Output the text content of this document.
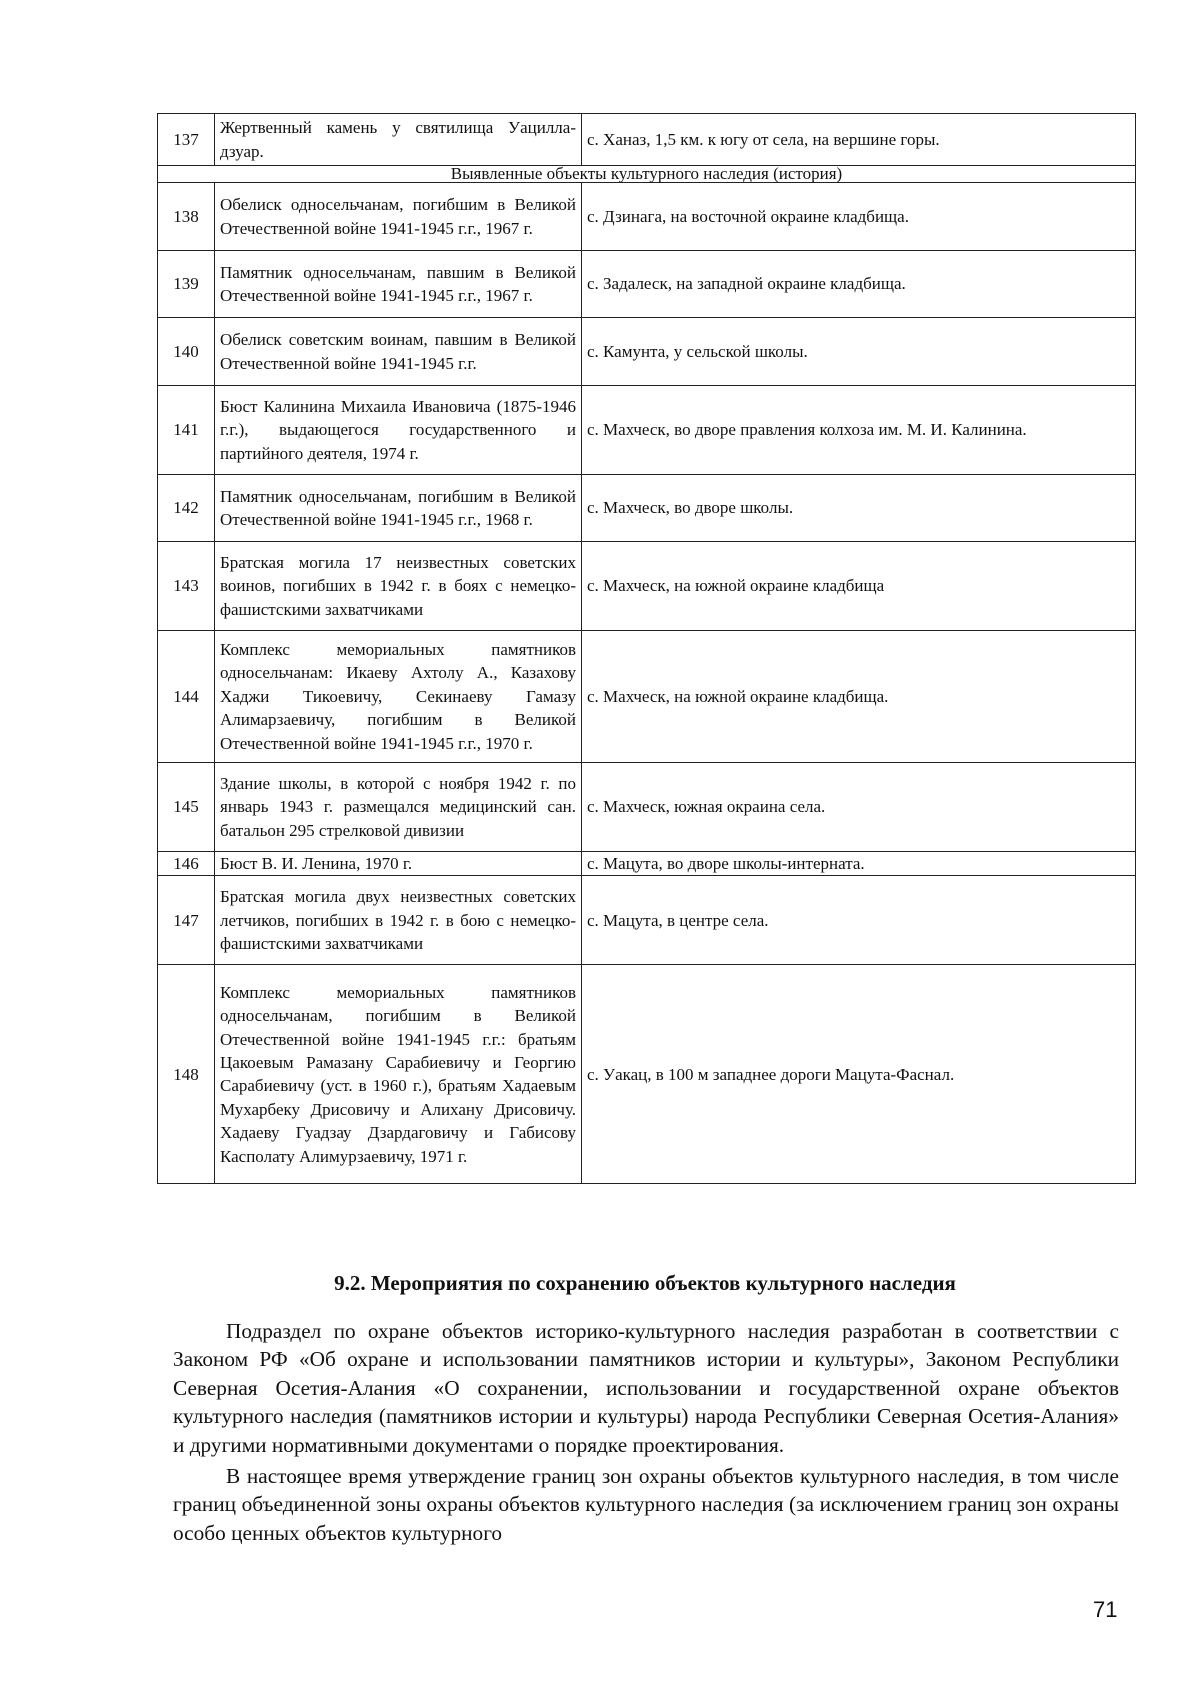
137	Жертвенный камень у святилища Уацилла-дзуар.	с. Ханаз, 1,5 км. к югу от села, на вершине горы.
Выявленные объекты культурного наследия (история)		
138	Обелиск односельчанам, погибшим в Великой Отечественной войне 1941-1945 г.г., 1967 г.	с. Дзинага, на восточной окраине кладбища.
139	Памятник односельчанам, павшим в Великой Отечественной войне 1941-1945 г.г., 1967 г.	с. Задалеск, на западной окраине кладбища.
140	Обелиск советским воинам, павшим в Великой Отечественной войне 1941-1945 г.г.	с. Камунта, у сельской школы.
141	Бюст Калинина Михаила Ивановича (1875-1946 г.г.), выдающегося государственного и партийного деятеля, 1974 г.	с. Махческ, во дворе правления колхоза им. М. И. Калинина.
142	Памятник односельчанам, погибшим в Великой Отечественной войне 1941-1945 г.г., 1968 г.	с. Махческ, во дворе школы.
143	Братская могила 17 неизвестных советских воинов, погибших в 1942 г. в боях с немецко-фашистскими захватчиками	с. Махческ, на южной окраине кладбища
144	Комплекс мемориальных памятников односельчанам: Икаеву Ахтолу А., Казахову Хаджи Тикоевичу, Секинаеву Гамазу Алимарзаевичу, погибшим в Великой Отечественной войне 1941-1945 г.г., 1970 г.	с. Махческ, на южной окраине кладбища.
145	Здание школы, в которой с ноября 1942 г. по январь 1943 г. размещался медицинский сан. батальон 295 стрелковой дивизии	с. Махческ, южная окраина села.
146	Бюст В. И. Ленина, 1970 г.	с. Мацута, во дворе школы-интерната.
147	Братская могила двух неизвестных советских летчиков, погибших в 1942 г. в бою с немецко-фашистскими захватчиками	с. Мацута, в центре села.
148	Комплекс мемориальных памятников односельчанам, погибшим в Великой Отечественной войне 1941-1945 г.г.: братьям Цакоевым Рамазану Сарабиевичу и Георгию Сарабиевичу (уст. в 1960 г.), братьям Хадаевым Мухарбеку Дрисовичу и Алихану Дрисовичу. Хадаеву Гуадзау Дзардаговичу и Габисову Касполату Алимурзаевичу, 1971 г.	с. Уакац, в 100 м западнее дороги Мацута-Фаснал.
9.2. Мероприятия по сохранению объектов культурного наследия

Подраздел по охране объектов историко-культурного наследия разработан в соответствии с Законом РФ «Об охране и использовании памятников истории и культуры», Законом Республики Северная Осетия-Алания «О сохранении, использовании и государственной охране объектов культурного наследия (памятников истории и культуры) народа Республики Северная Осетия-Алания» и другими нормативными документами о порядке проектирования.

В настоящее время утверждение границ зон охраны объектов культурного наследия, в том числе границ объединенной зоны охраны объектов культурного наследия (за исключением границ зон охраны особо ценных объектов культурного

71
